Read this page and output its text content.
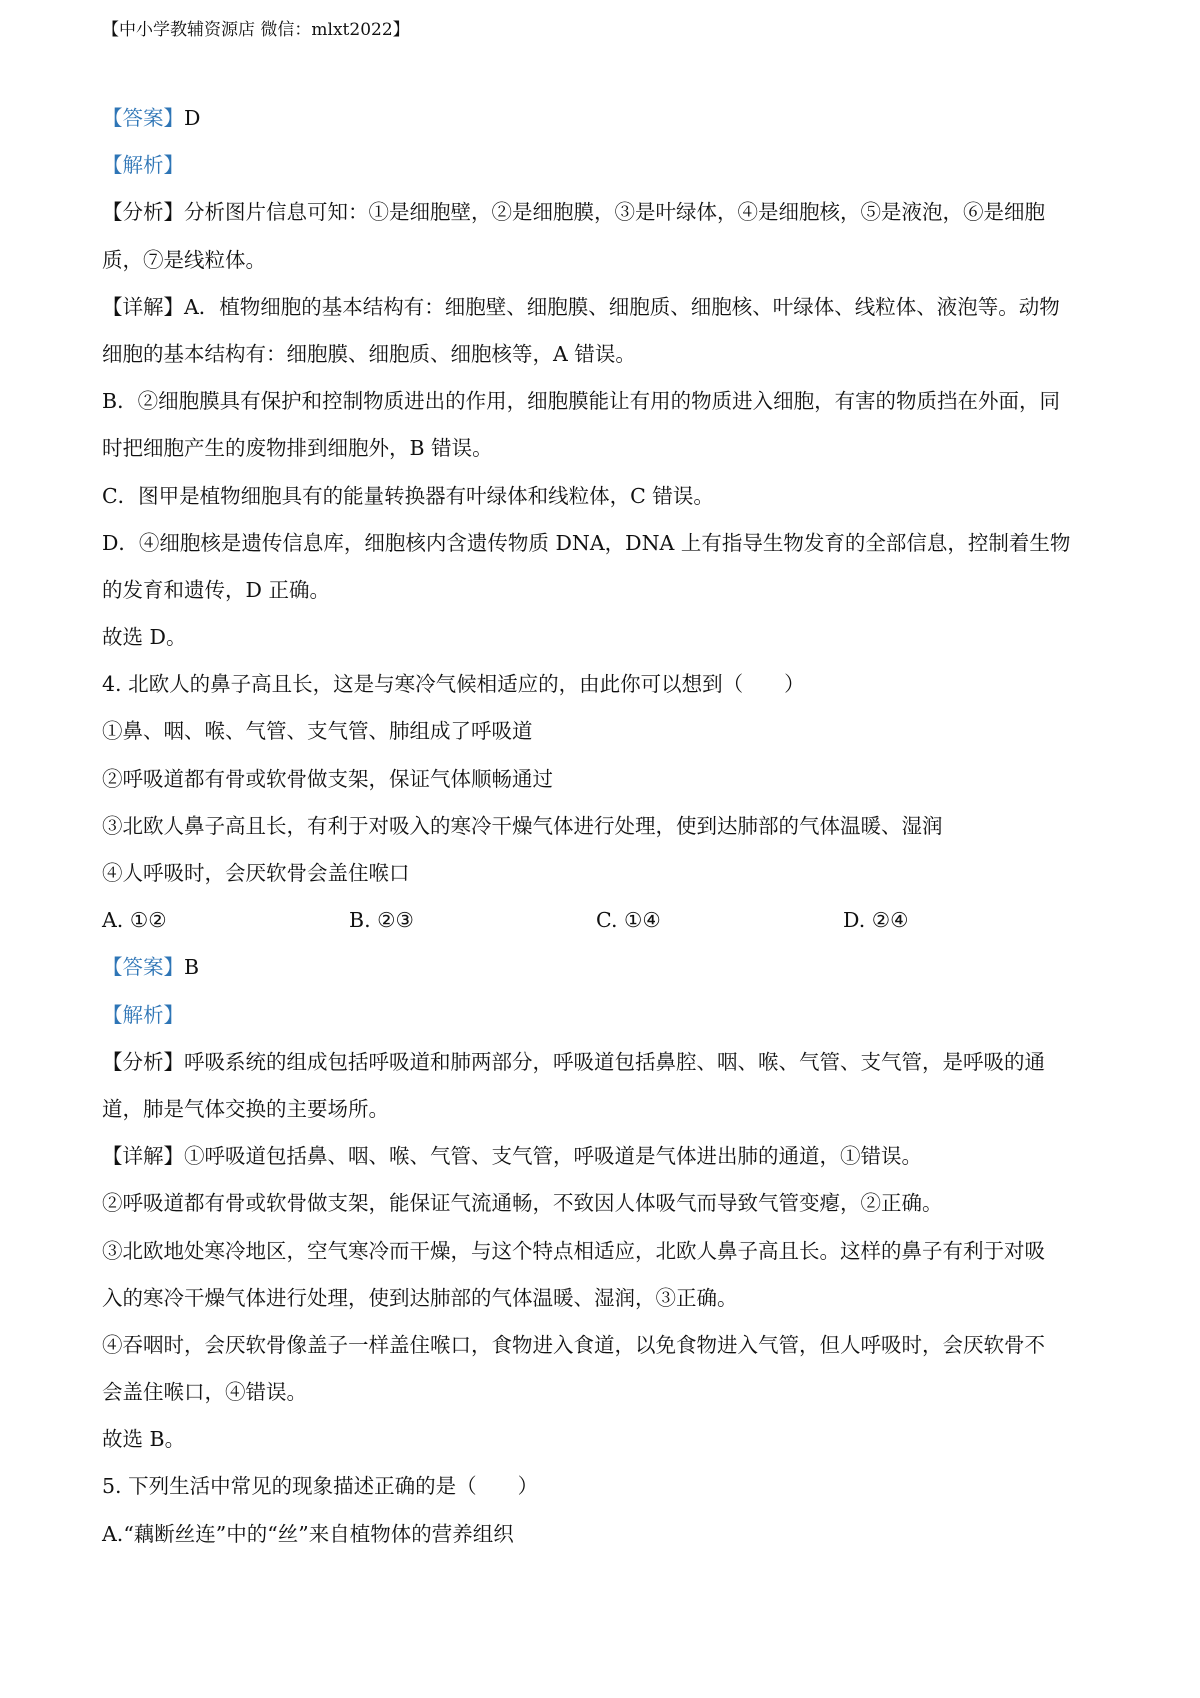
【中小学教辅资源店 微信：mlxt2022】
【答案】D
【解析】
【分析】分析图片信息可知：①是细胞壁，②是细胞膜，③是叶绿体，④是细胞核，⑤是液泡，⑥是细胞
质，⑦是线粒体。
【详解】A．植物细胞的基本结构有：细胞壁、细胞膜、细胞质、细胞核、叶绿体、线粒体、液泡等。动物
细胞的基本结构有：细胞膜、细胞质、细胞核等，A 错误。
B．②细胞膜具有保护和控制物质进出的作用，细胞膜能让有用的物质进入细胞，有害的物质挡在外面，同
时把细胞产生的废物排到细胞外，B 错误。
C．图甲是植物细胞具有的能量转换器有叶绿体和线粒体，C 错误。
D．④细胞核是遗传信息库，细胞核内含遗传物质 DNA，DNA 上有指导生物发育的全部信息，控制着生物
的发育和遗传，D 正确。
故选 D。
4. 北欧人的鼻子高且长，这是与寒冷气候相适应的，由此你可以想到（　　）
①鼻、咽、喉、气管、支气管、肺组成了呼吸道
②呼吸道都有骨或软骨做支架，保证气体顺畅通过
③北欧人鼻子高且长，有利于对吸入的寒冷干燥气体进行处理，使到达肺部的气体温暖、湿润
④人呼吸时，会厌软骨会盖住喉口
A. ①②	B. ②③	C. ①④	D. ②④
【答案】B
【解析】
【分析】呼吸系统的组成包括呼吸道和肺两部分，呼吸道包括鼻腔、咽、喉、气管、支气管，是呼吸的通
道，肺是气体交换的主要场所。
【详解】①呼吸道包括鼻、咽、喉、气管、支气管，呼吸道是气体进出肺的通道，①错误。
②呼吸道都有骨或软骨做支架，能保证气流通畅，不致因人体吸气而导致气管变瘪，②正确。
③北欧地处寒冷地区，空气寒冷而干燥，与这个特点相适应，北欧人鼻子高且长。这样的鼻子有利于对吸
入的寒冷干燥气体进行处理，使到达肺部的气体温暖、湿润，③正确。
④吞咽时，会厌软骨像盖子一样盖住喉口，食物进入食道，以免食物进入气管，但人呼吸时，会厌软骨不
会盖住喉口，④错误。
故选 B。
5. 下列生活中常见的现象描述正确的是（　　）
A.“藕断丝连”中的“丝”来自植物体的营养组织
